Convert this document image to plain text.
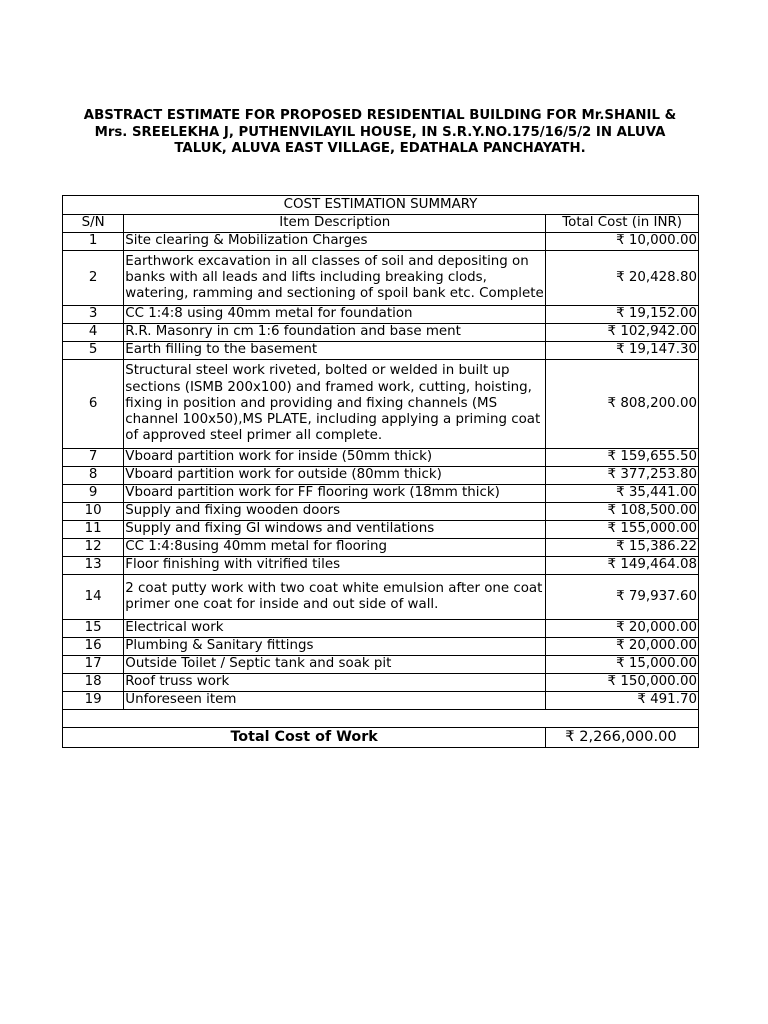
ABSTRACT ESTIMATE FOR PROPOSED RESIDENTIAL BUILDING FOR Mr.SHANIL &
Mrs. SREELEKHA J, PUTHENVILAYIL HOUSE, IN S.R.Y.NO.175/16/5/2 IN ALUVA
TALUK, ALUVA EAST VILLAGE, EDATHALA PANCHAYATH.
COST ESTIMATION SUMMARY		
S/N	Item Description	Total Cost (in INR)
1	Site clearing & Mobilization Charges	₹ 10,000.00
2	Earthwork excavation in all classes of soil and depositing on banks with all leads and lifts including breaking clods, watering, ramming and sectioning of spoil bank etc. Complete	₹ 20,428.80
3	CC 1:4:8 using 40mm metal for foundation	₹ 19,152.00
4	R.R. Masonry in cm 1:6 foundation and base ment	₹ 102,942.00
5	Earth filling to the basement	₹ 19,147.30
6	Structural steel work riveted, bolted or welded in built up sections (ISMB 200x100) and framed work, cutting, hoisting, fixing in position and providing and fixing channels (MS channel 100x50),MS PLATE, including applying a priming coat of approved steel primer all complete.	₹ 808,200.00
7	Vboard partition work for inside (50mm thick)	₹ 159,655.50
8	Vboard partition work for outside (80mm thick)	₹ 377,253.80
9	Vboard partition work for FF flooring work (18mm thick)	₹ 35,441.00
10	Supply and fixing wooden doors	₹ 108,500.00
11	Supply and fixing GI windows and ventilations	₹ 155,000.00
12	CC 1:4:8using 40mm metal for flooring	₹ 15,386.22
13	Floor finishing with vitrified tiles	₹ 149,464.08
14	2 coat putty work with two coat white emulsion after one coat primer one coat for inside and out side of wall.	₹ 79,937.60
15	Electrical work	₹ 20,000.00
16	Plumbing & Sanitary fittings	₹ 20,000.00
17	Outside Toilet / Septic tank and soak pit	₹ 15,000.00
18	Roof truss work	₹ 150,000.00
19	Unforeseen item	₹ 491.70

Total Cost of Work		₹ 2,266,000.00
